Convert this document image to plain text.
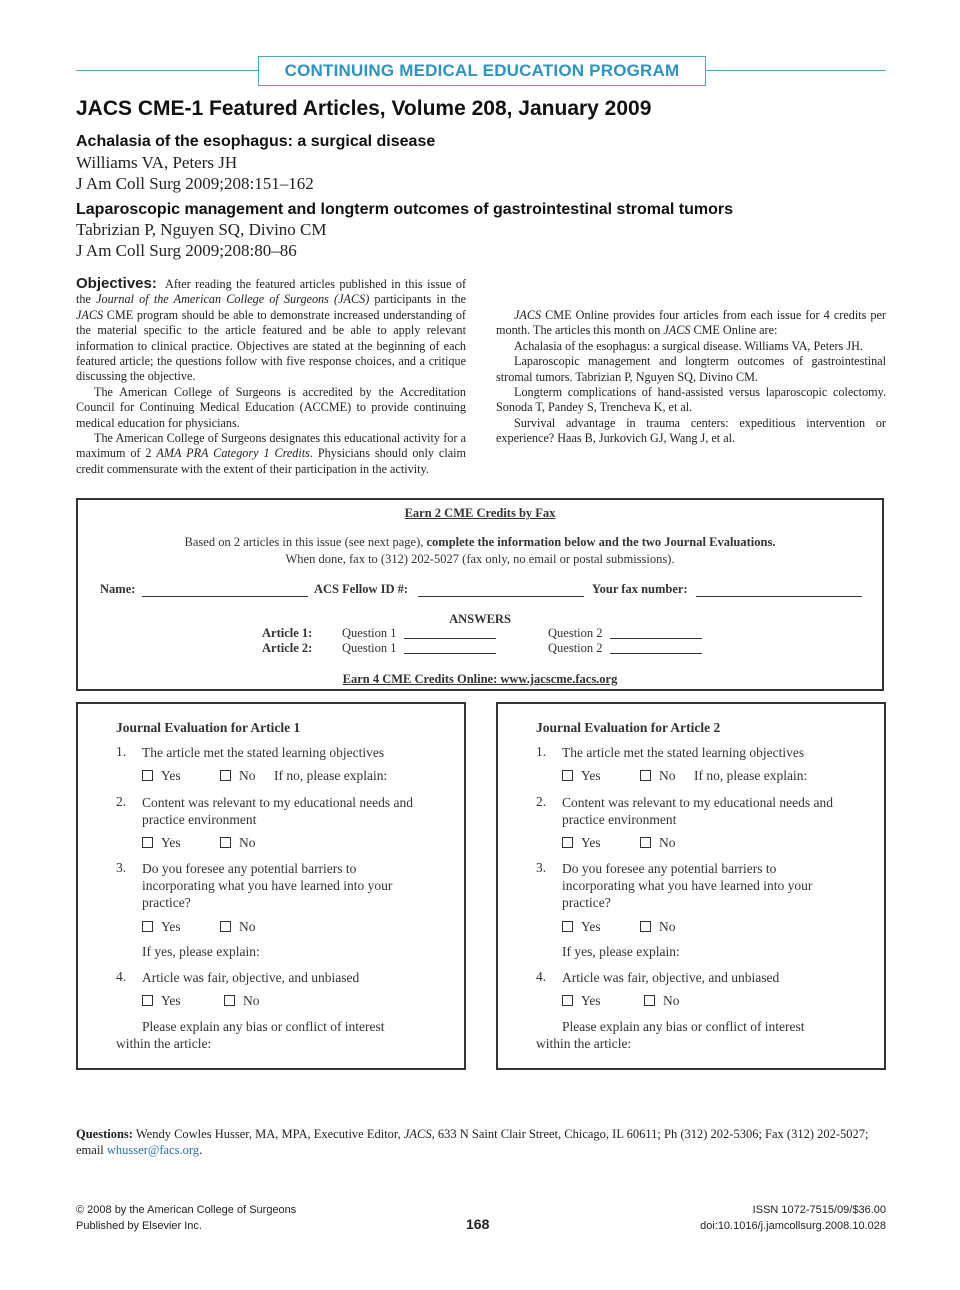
CONTINUING MEDICAL EDUCATION PROGRAM
JACS CME-1 Featured Articles, Volume 208, January 2009
Achalasia of the esophagus: a surgical disease
Williams VA, Peters JH
J Am Coll Surg 2009;208:151–162
Laparoscopic management and longterm outcomes of gastrointestinal stromal tumors
Tabrizian P, Nguyen SQ, Divino CM
J Am Coll Surg 2009;208:80–86

Objectives: After reading the featured articles published in this issue of the Journal of the American College of Surgeons (JACS) participants in the JACS CME program should be able to demonstrate increased understanding of the material specific to the article featured and be able to apply relevant information to clinical practice. Objectives are stated at the beginning of each featured article; the questions follow with five response choices, and a critique discussing the objective.

The American College of Surgeons is accredited by the Accreditation Council for Continuing Medical Education (ACCME) to provide continuing medical education for physicians.

The American College of Surgeons designates this educational activity for a maximum of 2 AMA PRA Category 1 Credits. Physicians should only claim credit commensurate with the extent of their participation in the activity.

JACS CME Online provides four articles from each issue for 4 credits per month. The articles this month on JACS CME Online are:

Achalasia of the esophagus: a surgical disease. Williams VA, Peters JH.

Laparoscopic management and longterm outcomes of gastrointestinal stromal tumors. Tabrizian P, Nguyen SQ, Divino CM.

Longterm complications of hand-assisted versus laparoscopic colectomy. Sonoda T, Pandey S, Trencheva K, et al.

Survival advantage in trauma centers: expeditious intervention or experience? Haas B, Jurkovich GJ, Wang J, et al.

Earn 2 CME Credits by Fax
Based on 2 articles in this issue (see next page), complete the information below and the two Journal Evaluations.
When done, fax to (312) 202-5027 (fax only, no email or postal submissions).
Name:	ACS Fellow ID #:	Your fax number:
ANSWERS
Article 1: Question 1	Question 2
Article 2: Question 1	Question 2
Earn 4 CME Credits Online: www.jacscme.facs.org
Journal Evaluation for Article 1
1. The article met the stated learning objectives
Yes	No If no, please explain:
2. Content was relevant to my educational needs and practice environment
Yes	No
3. Do you foresee any potential barriers to incorporating what you have learned into your practice?
Yes	No
If yes, please explain:
4. Article was fair, objective, and unbiased
Yes	No
Please explain any bias or conflict of interest within the article:
Journal Evaluation for Article 2
1. The article met the stated learning objectives
Yes	No If no, please explain:
2. Content was relevant to my educational needs and practice environment
Yes	No
3. Do you foresee any potential barriers to incorporating what you have learned into your practice?
Yes	No
If yes, please explain:
4. Article was fair, objective, and unbiased
Yes	No
Please explain any bias or conflict of interest within the article:
Questions: Wendy Cowles Husser, MA, MPA, Executive Editor, JACS, 633 N Saint Clair Street, Chicago, IL 60611; Ph (312) 202-5306; Fax (312) 202-5027; email whusser@facs.org.
© 2008 by the American College of Surgeons
Published by Elsevier Inc.	168
ISSN 1072-7515/09/$36.00
doi:10.1016/j.jamcollsurg.2008.10.028
